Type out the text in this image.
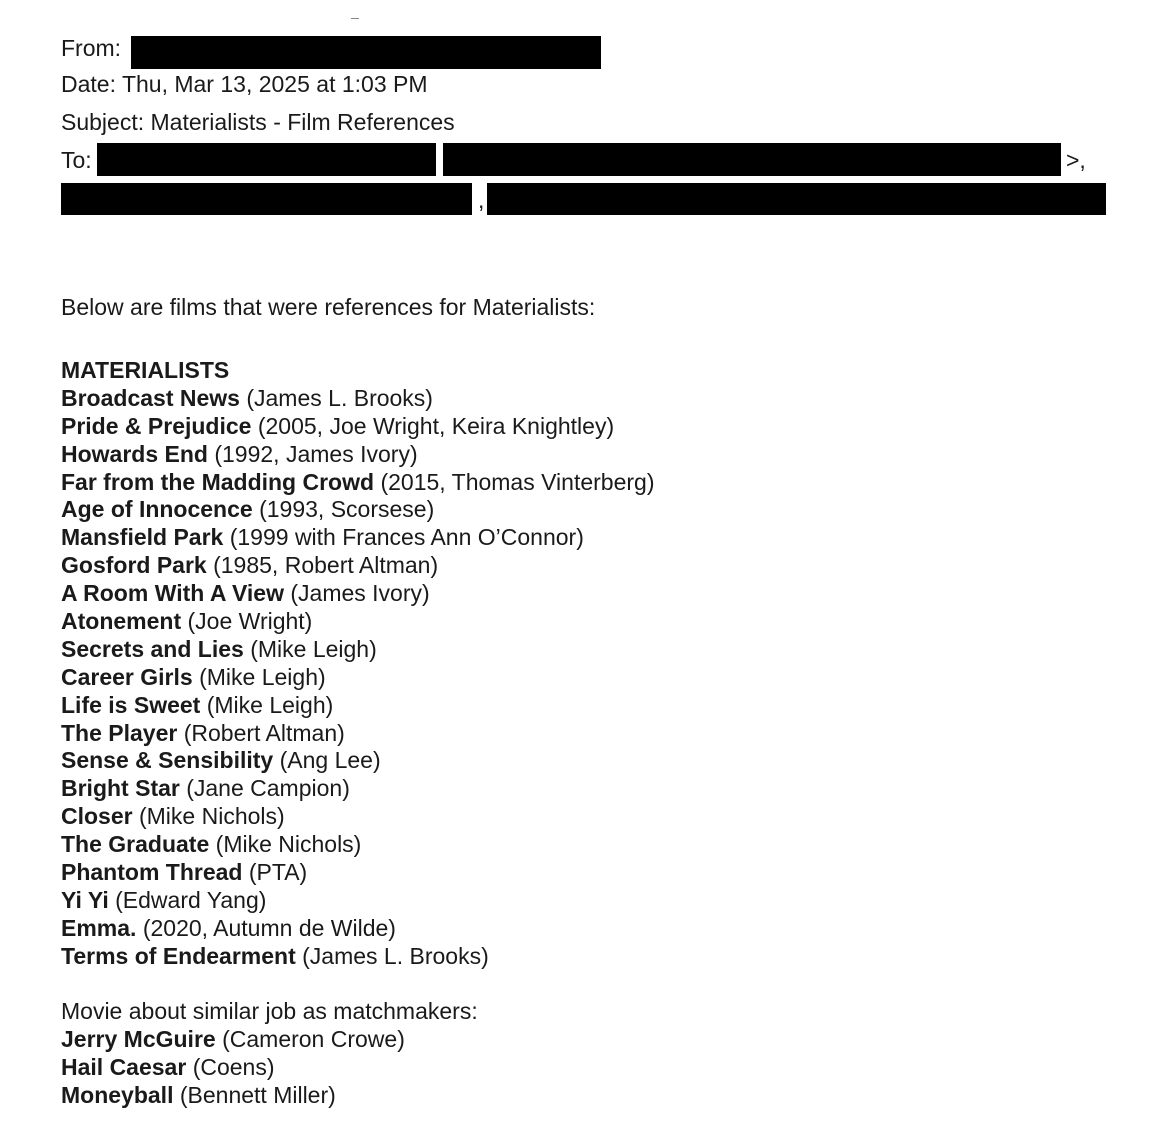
From:
Date: Thu, Mar 13, 2025 at 1:03 PM
Subject: Materialists - Film References
To:	>,
,
Below are films that were references for Materialists:
MATERIALISTS
Broadcast News (James L. Brooks)
Pride & Prejudice (2005, Joe Wright, Keira Knightley)
Howards End (1992, James Ivory)
Far from the Madding Crowd (2015, Thomas Vinterberg)
Age of Innocence (1993, Scorsese)
Mansfield Park (1999 with Frances Ann O’Connor)
Gosford Park (1985, Robert Altman)
A Room With A View (James Ivory)
Atonement (Joe Wright)
Secrets and Lies (Mike Leigh)
Career Girls (Mike Leigh)
Life is Sweet (Mike Leigh)
The Player (Robert Altman)
Sense & Sensibility (Ang Lee)
Bright Star (Jane Campion)
Closer (Mike Nichols)
The Graduate (Mike Nichols)
Phantom Thread (PTA)
Yi Yi (Edward Yang)
Emma. (2020, Autumn de Wilde)
Terms of Endearment (James L. Brooks)
Movie about similar job as matchmakers:
Jerry McGuire (Cameron Crowe)
Hail Caesar (Coens)
Moneyball (Bennett Miller)
